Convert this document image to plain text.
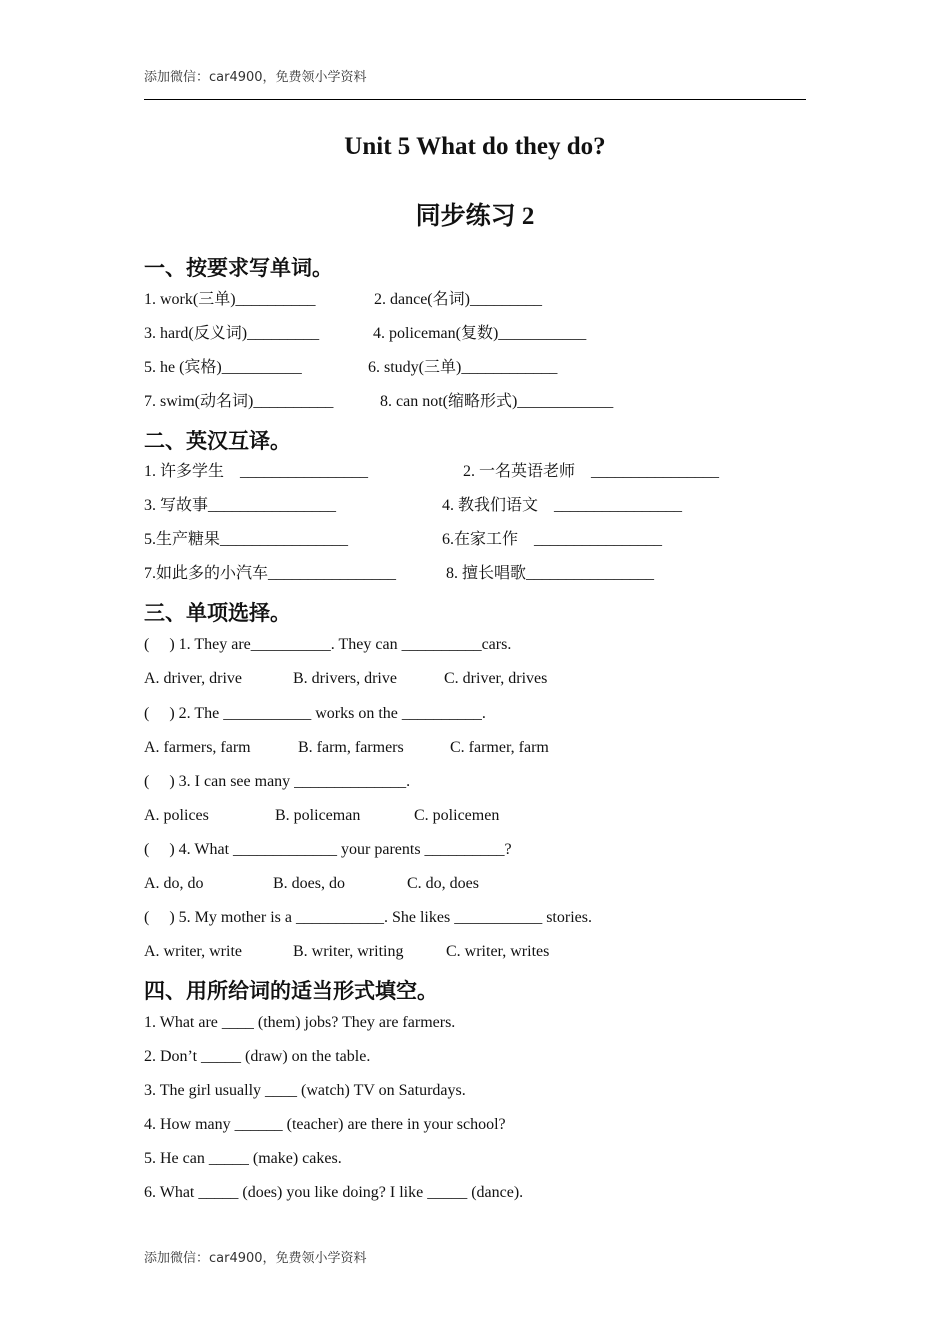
添加微信：car4900，免费领小学资料
Unit 5 What do they do?
同步练习 2
一、按要求写单词。
1. work(三单)__________	2. dance(名词)_________
3. hard(反义词)_________	4. policeman(复数)___________
5. he (宾格)__________	6. study(三单)____________
7. swim(动名词)__________	8. can not(缩略形式)____________
二、英汉互译。
1. 许多学生    ________________	2. 一名英语老师    ________________
3. 写故事________________	4. 教我们语文    ________________
5.生产糖果________________	6.在家工作    ________________
7.如此多的小汽车________________	8. 擅长唱歌________________
三、单项选择。
(     ) 1. They are__________. They can __________cars.
A. driver, drive	B. drivers, drive	C. driver, drives
(     ) 2. The ___________ works on the __________.
A. farmers, farm	B. farm, farmers	C. farmer, farm
(     ) 3. I can see many ______________.
A. polices	B. policeman	C. policemen
(     ) 4. What _____________ your parents __________?
A. do, do	B. does, do	C. do, does
(     ) 5. My mother is a ___________. She likes ___________ stories.
A. writer, write	B. writer, writing	C. writer, writes
四、用所给词的适当形式填空。
1. What are ____ (them) jobs? They are farmers.
2. Don’t _____ (draw) on the table.
3. The girl usually ____ (watch) TV on Saturdays.
4. How many ______ (teacher) are there in your school?
5. He can _____ (make) cakes.
6. What _____ (does) you like doing? I like _____ (dance).
添加微信：car4900，免费领小学资料
